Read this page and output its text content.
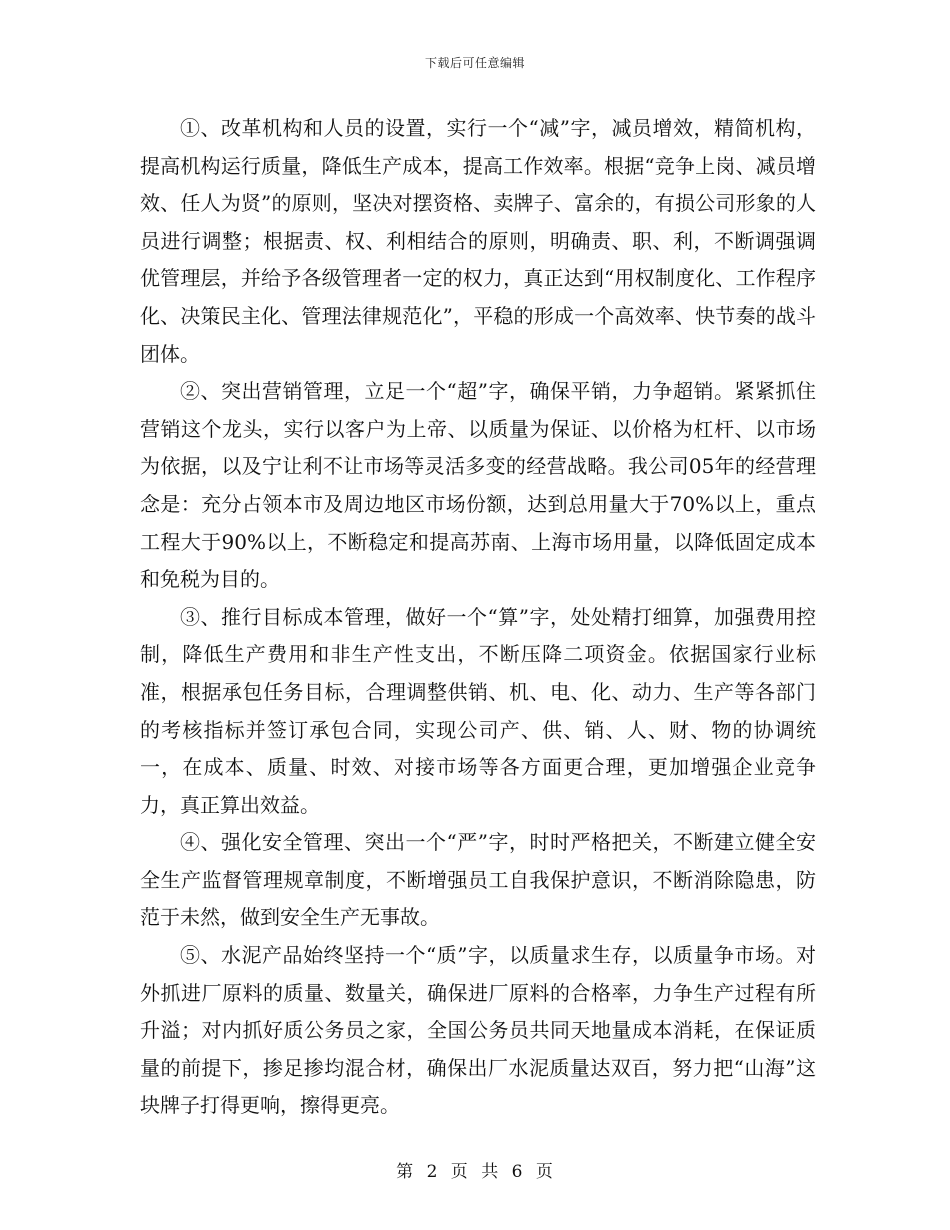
下载后可任意编辑

①、改革机构和人员的设置，实行一个“减”字，减员增效，精简机构，提高机构运行质量，降低生产成本，提高工作效率。根据“竞争上岗、减员增效、任人为贤”的原则，坚决对摆资格、卖牌子、富余的，有损公司形象的人员进行调整；根据责、权、利相结合的原则，明确责、职、利，不断调强调优管理层，并给予各级管理者一定的权力，真正达到“用权制度化、工作程序化、决策民主化、管理法律规范化”，平稳的形成一个高效率、快节奏的战斗团体。

②、突出营销管理，立足一个“超”字，确保平销，力争超销。紧紧抓住营销这个龙头，实行以客户为上帝、以质量为保证、以价格为杠杆、以市场为依据，以及宁让利不让市场等灵活多变的经营战略。我公司05年的经营理念是：充分占领本市及周边地区市场份额，达到总用量大于70%以上，重点工程大于90%以上，不断稳定和提高苏南、上海市场用量，以降低固定成本和免税为目的。

③、推行目标成本管理，做好一个“算”字，处处精打细算，加强费用控制，降低生产费用和非生产性支出，不断压降二项资金。依据国家行业标准，根据承包任务目标，合理调整供销、机、电、化、动力、生产等各部门的考核指标并签订承包合同，实现公司产、供、销、人、财、物的协调统一，在成本、质量、时效、对接市场等各方面更合理，更加增强企业竞争力，真正算出效益。

④、强化安全管理、突出一个“严”字，时时严格把关，不断建立健全安全生产监督管理规章制度，不断增强员工自我保护意识，不断消除隐患，防范于未然，做到安全生产无事故。

⑤、水泥产品始终坚持一个“质”字，以质量求生存，以质量争市场。对外抓进厂原料的质量、数量关，确保进厂原料的合格率，力争生产过程有所升溢；对内抓好质公务员之家，全国公务员共同天地量成本消耗，在保证质量的前提下，掺足掺均混合材，确保出厂水泥质量达双百，努力把“山海”这块牌子打得更响，擦得更亮。

第 2 页 共 6 页
